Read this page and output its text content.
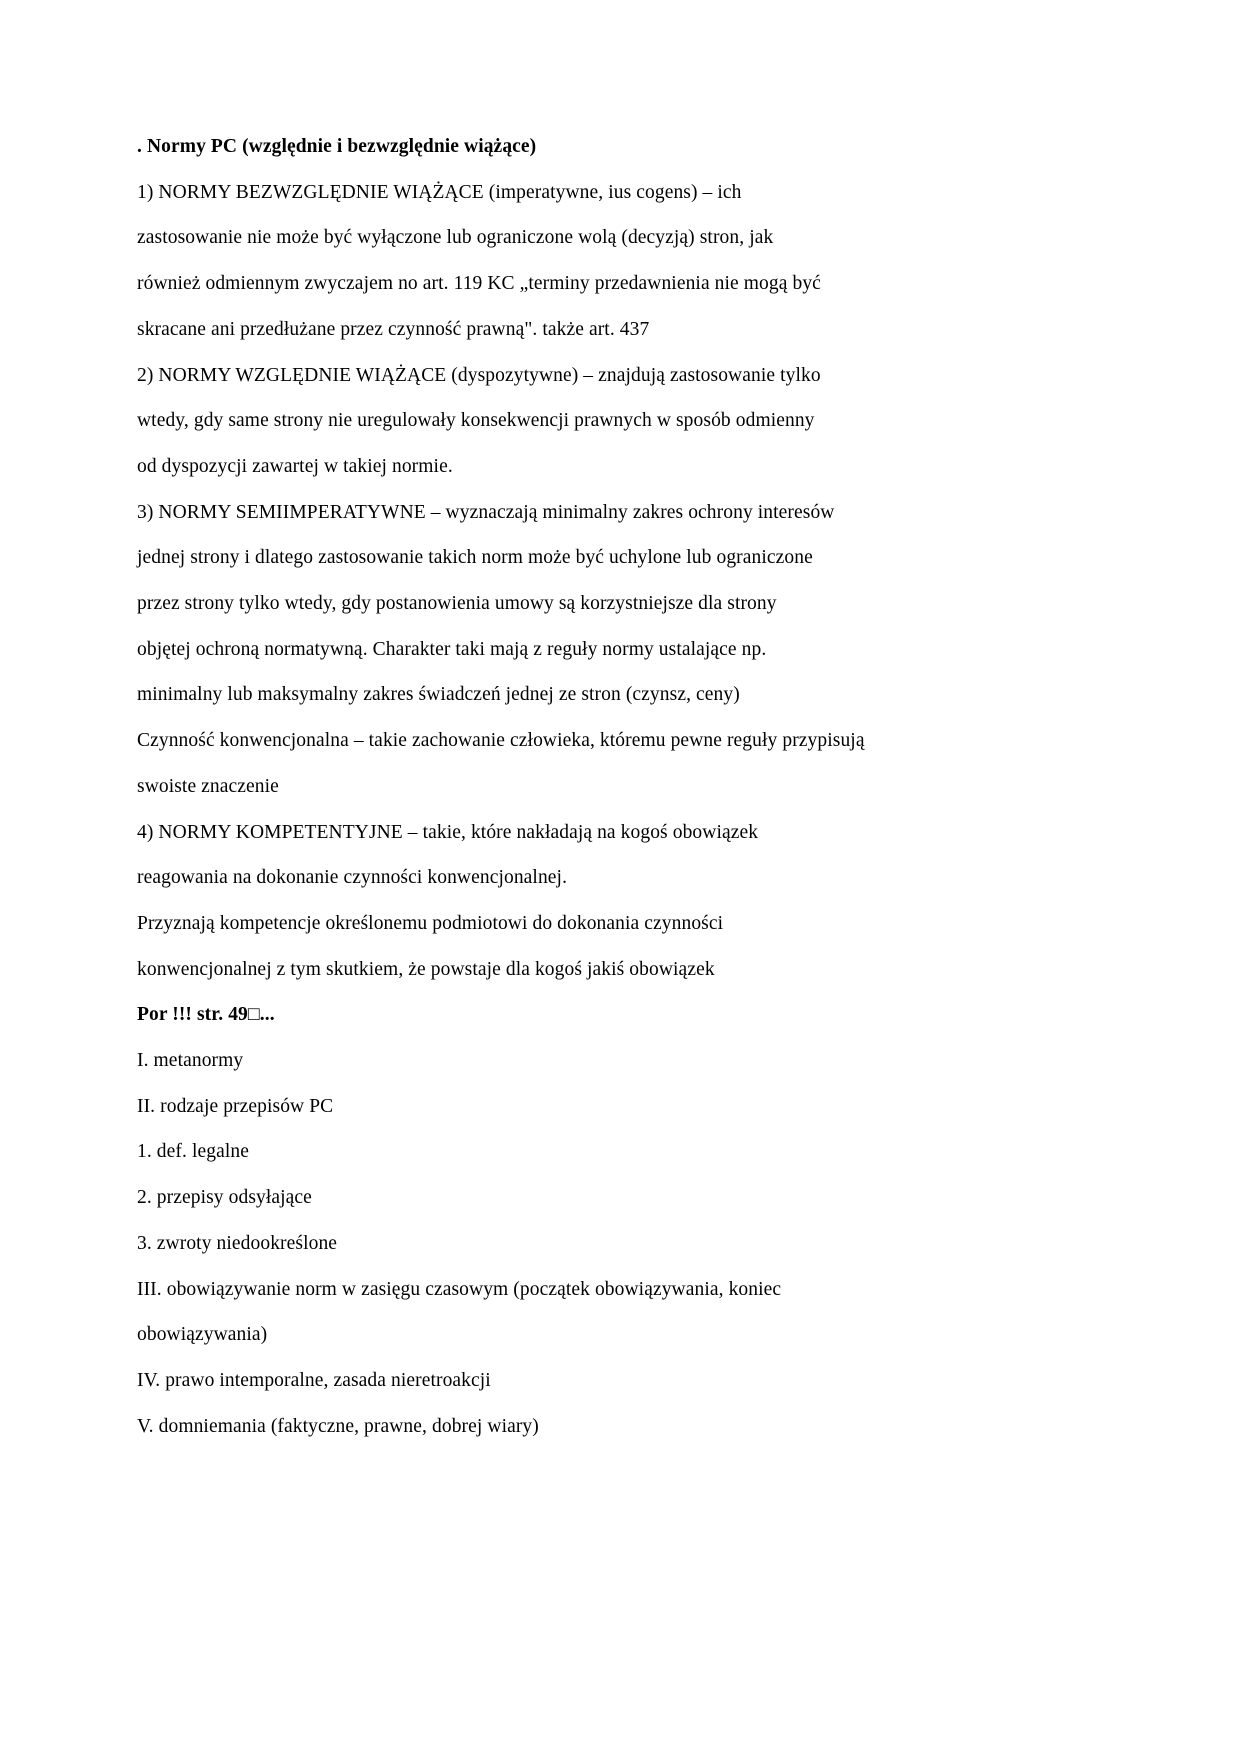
. Normy PC (względnie i bezwzględnie wiążące)
1) NORMY BEZWZGLĘDNIE WIĄŻĄCE (imperatywne, ius cogens) – ich
zastosowanie nie może być wyłączone lub ograniczone wolą (decyzją) stron, jak
również odmiennym zwyczajem no art. 119 KC „terminy przedawnienia nie mogą być
skracane ani przedłużane przez czynność prawną". także art. 437
2) NORMY WZGLĘDNIE WIĄŻĄCE (dyspozytywne) – znajdują zastosowanie tylko
wtedy, gdy same strony nie uregulowały konsekwencji prawnych w sposób odmienny
od dyspozycji zawartej w takiej normie.
3) NORMY SEMIIMPERATYWNE – wyznaczają minimalny zakres ochrony interesów
jednej strony i dlatego zastosowanie takich norm może być uchylone lub ograniczone
przez strony tylko wtedy, gdy postanowienia umowy są korzystniejsze dla strony
objętej ochroną normatywną. Charakter taki mają z reguły normy ustalające np.
minimalny lub maksymalny zakres świadczeń jednej ze stron (czynsz, ceny)
Czynność konwencjonalna – takie zachowanie człowieka, któremu pewne reguły przypisują
swoiste znaczenie
4) NORMY KOMPETENTYJNE – takie, które nakładają na kogoś obowiązek
reagowania na dokonanie czynności konwencjonalnej.
Przyznają kompetencje określonemu podmiotowi do dokonania czynności
konwencjonalnej z tym skutkiem, że powstaje dla kogoś jakiś obowiązek
Por !!! str. 49□...
I. metanormy
II. rodzaje przepisów PC
1. def. legalne
2. przepisy odsyłające
3. zwroty niedookreślone
III. obowiązywanie norm w zasięgu czasowym (początek obowiązywania, koniec
obowiązywania)
IV. prawo intemporalne, zasada nieretroakcji
V. domniemania (faktyczne, prawne, dobrej wiary)
